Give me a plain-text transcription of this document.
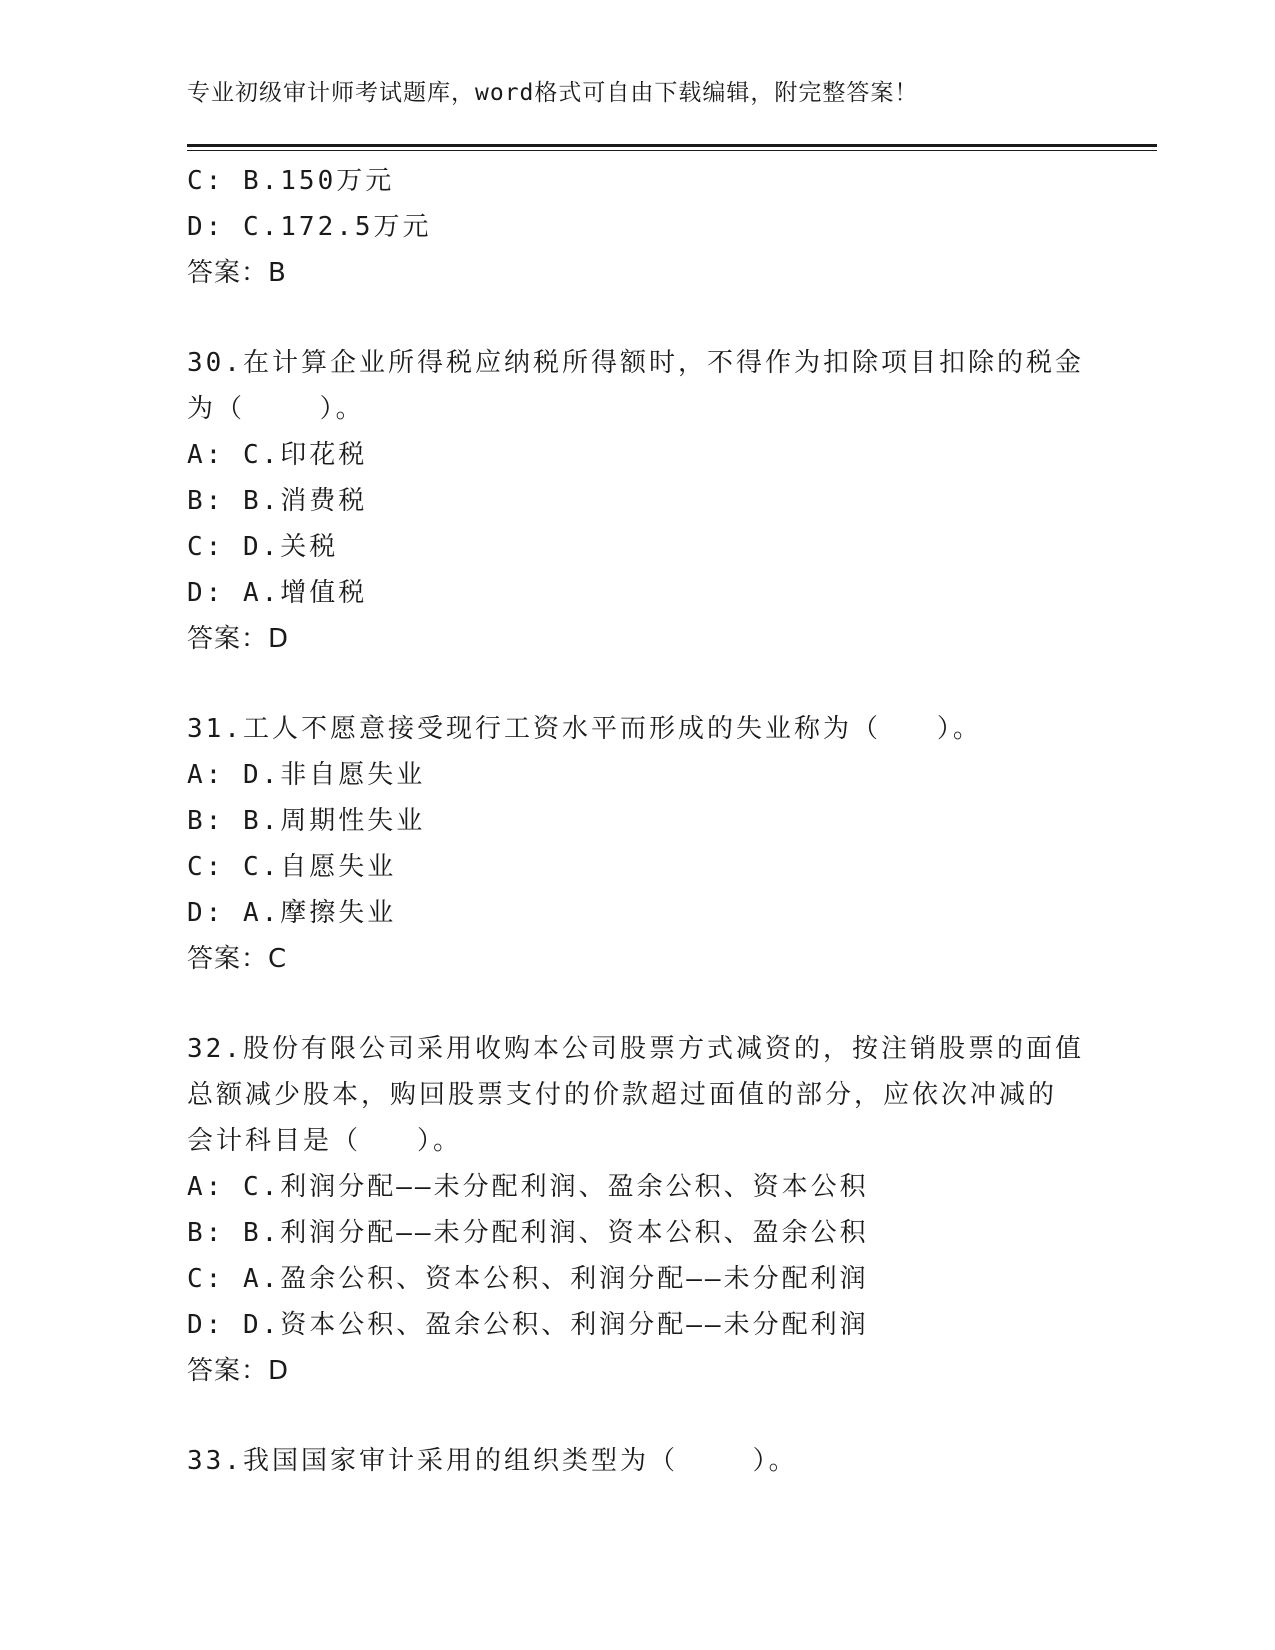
专业初级审计师考试题库，word格式可自由下载编辑，附完整答案！
C: B.150万元
D: C.172.5万元
答案：B
30.在计算企业所得税应纳税所得额时，不得作为扣除项目扣除的税金
为（    ）。
A: C.印花税
B: B.消费税
C: D.关税
D: A.增值税
答案：D
31.工人不愿意接受现行工资水平而形成的失业称为（   ）。
A: D.非自愿失业
B: B.周期性失业
C: C.自愿失业
D: A.摩擦失业
答案：C
32.股份有限公司采用收购本公司股票方式减资的，按注销股票的面值
总额减少股本，购回股票支付的价款超过面值的部分，应依次冲减的
会计科目是（   ）。
A: C.利润分配——未分配利润、盈余公积、资本公积
B: B.利润分配——未分配利润、资本公积、盈余公积
C: A.盈余公积、资本公积、利润分配——未分配利润
D: D.资本公积、盈余公积、利润分配——未分配利润
答案：D
33.我国国家审计采用的组织类型为（    ）。
